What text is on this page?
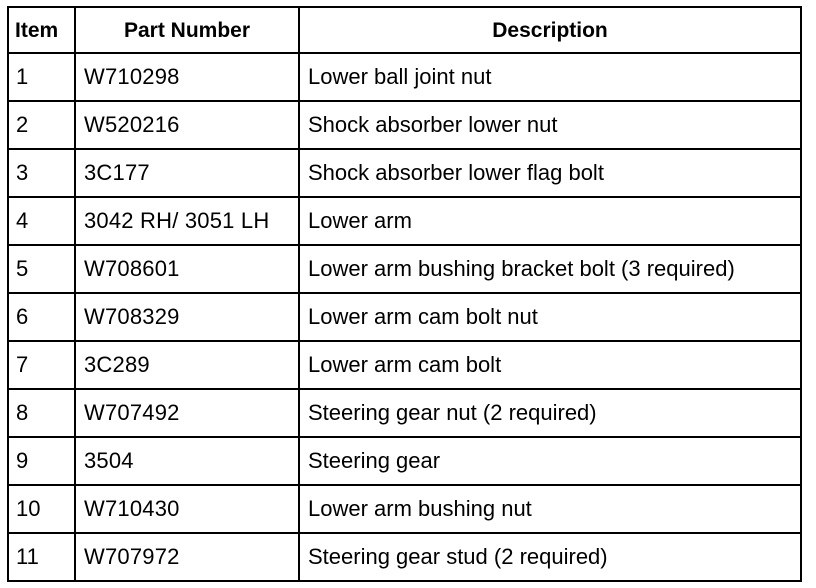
Item	Part Number	Description
1	W710298	Lower ball joint nut
2	W520216	Shock absorber lower nut
3	3C177	Shock absorber lower flag bolt
4	3042 RH/ 3051 LH	Lower arm
5	W708601	Lower arm bushing bracket bolt (3 required)
6	W708329	Lower arm cam bolt nut
7	3C289	Lower arm cam bolt
8	W707492	Steering gear nut (2 required)
9	3504	Steering gear
10	W710430	Lower arm bushing nut
11	W707972	Steering gear stud (2 required)
